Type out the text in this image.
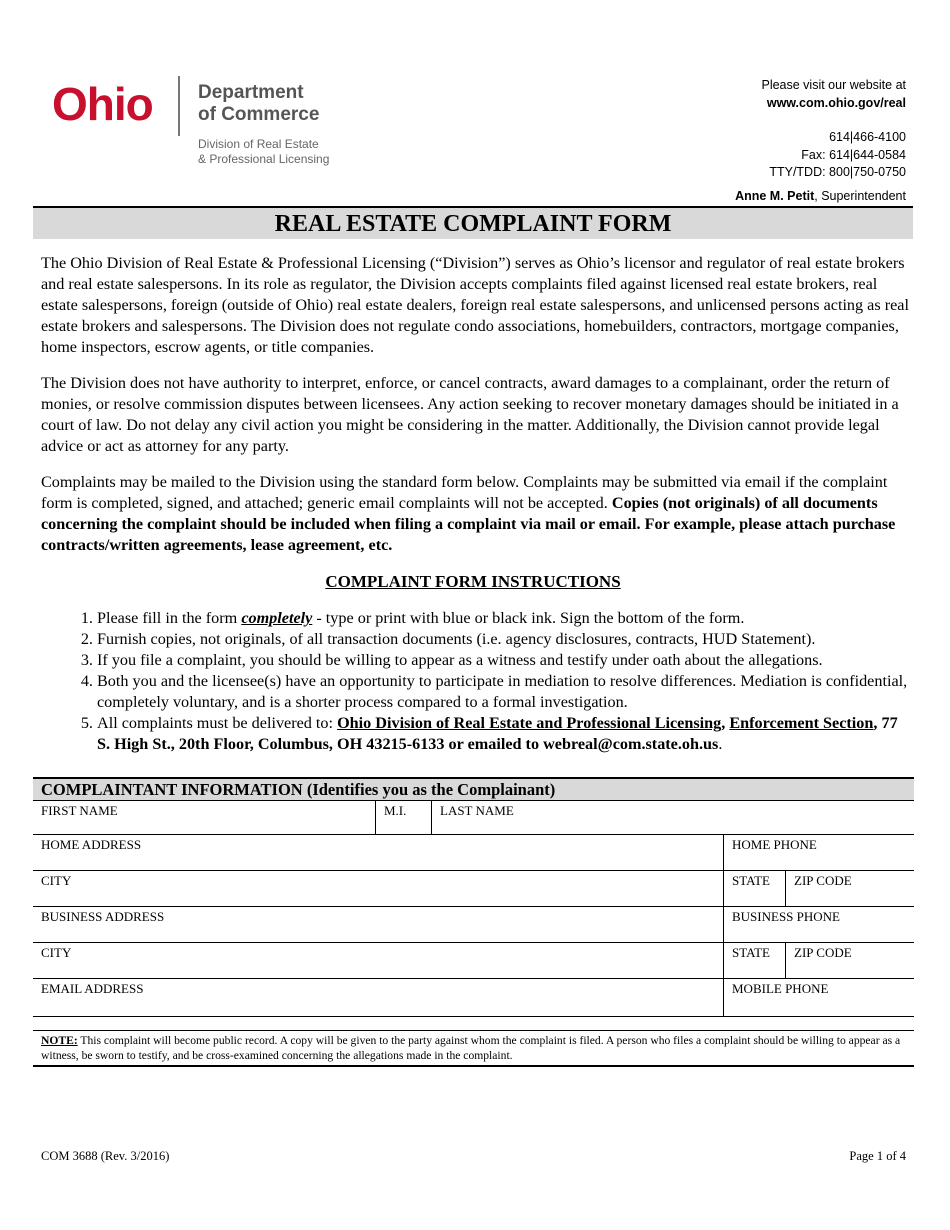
Ohio Department
of Commerce
Division of Real Estate
& Professional Licensing
Please visit our website at
www.com.ohio.gov/real
614|466-4100
Fax: 614|644-0584
TTY/TDD: 800|750-0750
Anne M. Petit, Superintendent
REAL ESTATE COMPLAINT FORM

The Ohio Division of Real Estate & Professional Licensing (“Division”) serves as Ohio’s licensor and regulator of real estate brokers and real estate salespersons. In its role as regulator, the Division accepts complaints filed against licensed real estate brokers, real estate salespersons, foreign (outside of Ohio) real estate dealers, foreign real estate salespersons, and unlicensed persons acting as real estate brokers and salespersons. The Division does not regulate condo associations, homebuilders, contractors, mortgage companies, home inspectors, escrow agents, or title companies.

The Division does not have authority to interpret, enforce, or cancel contracts, award damages to a complainant, order the return of monies, or resolve commission disputes between licensees. Any action seeking to recover monetary damages should be initiated in a court of law. Do not delay any civil action you might be considering in the matter. Additionally, the Division cannot provide legal advice or act as attorney for any party.

Complaints may be mailed to the Division using the standard form below. Complaints may be submitted via email if the complaint form is completed, signed, and attached; generic email complaints will not be accepted. Copies (not originals) of all documents concerning the complaint should be included when filing a complaint via mail or email. For example, please attach purchase contracts/written agreements, lease agreement, etc.

COMPLAINT FORM INSTRUCTIONS
1. Please fill in the form completely - type or print with blue or black ink. Sign the bottom of the form.
2. Furnish copies, not originals, of all transaction documents (i.e. agency disclosures, contracts, HUD Statement).
3. If you file a complaint, you should be willing to appear as a witness and testify under oath about the allegations.
4. Both you and the licensee(s) have an opportunity to participate in mediation to resolve differences. Mediation is confidential, completely voluntary, and is a shorter process compared to a formal investigation.
5. All complaints must be delivered to: Ohio Division of Real Estate and Professional Licensing, Enforcement Section, 77 S. High St., 20th Floor, Columbus, OH 43215-6133 or emailed to webreal@com.state.oh.us.
COMPLAINTANT INFORMATION (Identifies you as the Complainant)
FIRST NAME	M.I.	LAST NAME
HOME ADDRESS	HOME PHONE
CITY	STATE	ZIP CODE
BUSINESS ADDRESS	BUSINESS PHONE
CITY	STATE	ZIP CODE
EMAIL ADDRESS	MOBILE PHONE
NOTE: This complaint will become public record. A copy will be given to the party against whom the complaint is filed. A person who files a complaint should be willing to appear as a witness, be sworn to testify, and be cross-examined concerning the allegations made in the complaint.
COM 3688 (Rev. 3/2016)	Page 1 of 4
